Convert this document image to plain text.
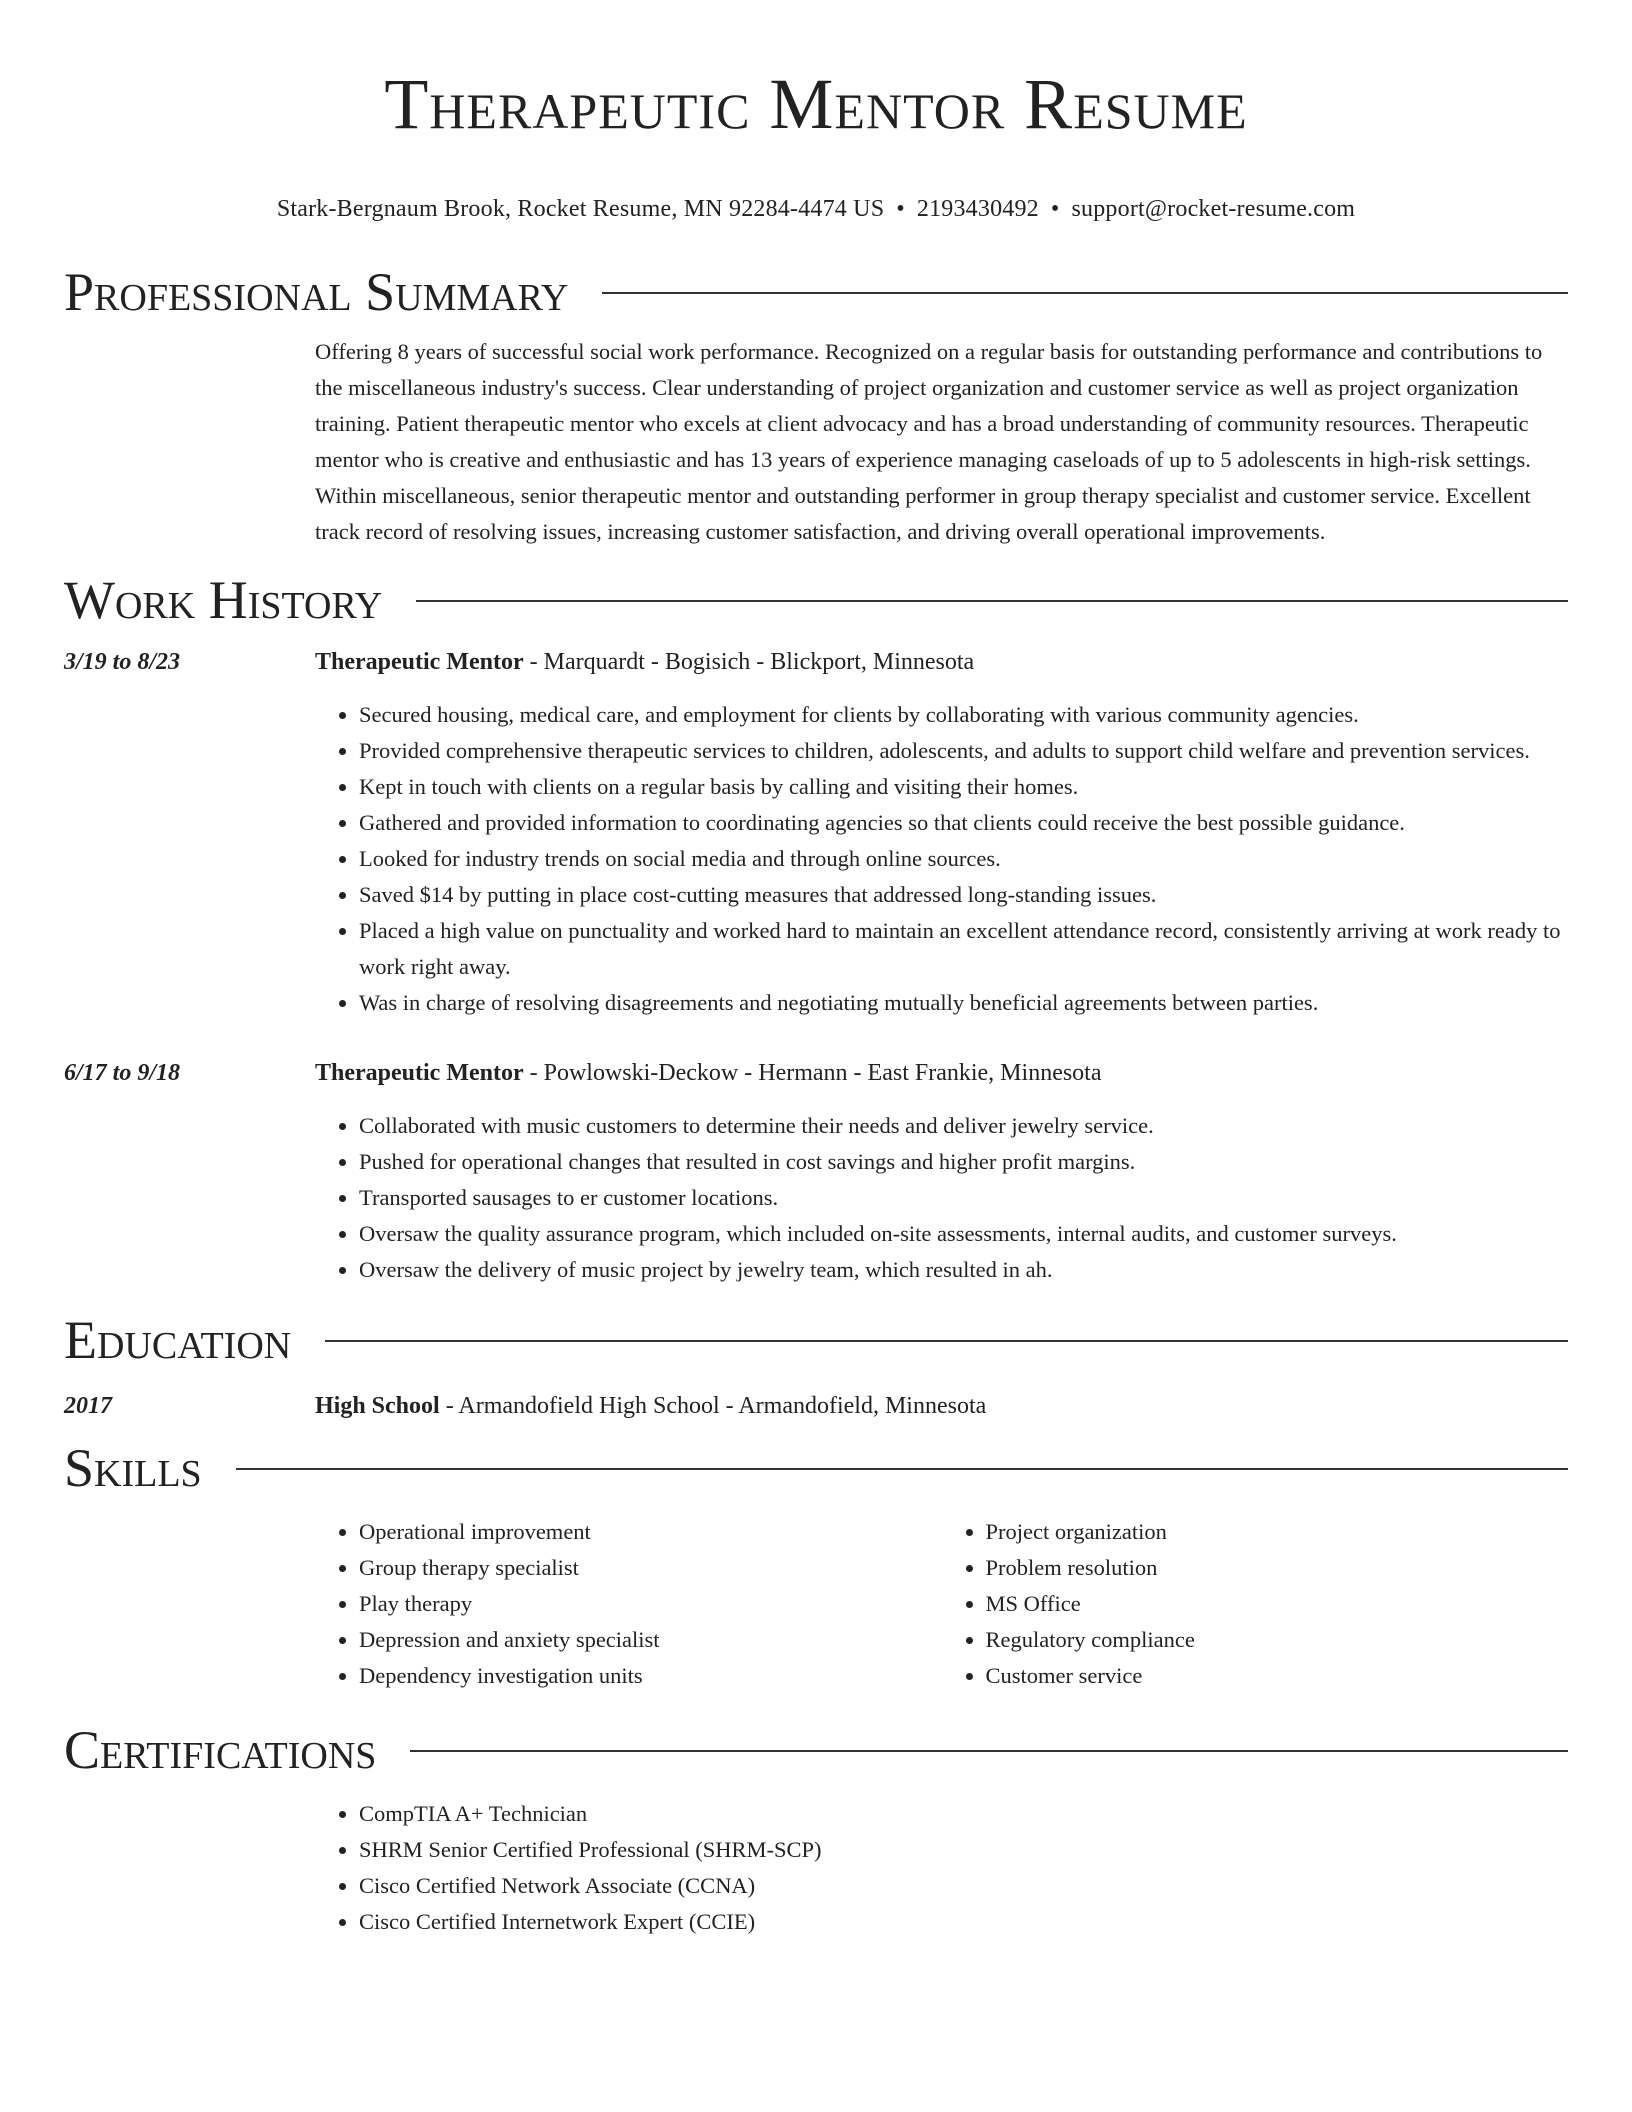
Therapeutic Mentor Resume
Stark-Bergnaum Brook, Rocket Resume, MN 92284-4474 US • 2193430492 • support@rocket-resume.com
Professional Summary

Offering 8 years of successful social work performance. Recognized on a regular basis for outstanding performance and contributions to the miscellaneous industry's success. Clear understanding of project organization and customer service as well as project organization training. Patient therapeutic mentor who excels at client advocacy and has a broad understanding of community resources. Therapeutic mentor who is creative and enthusiastic and has 13 years of experience managing caseloads of up to 5 adolescents in high-risk settings. Within miscellaneous, senior therapeutic mentor and outstanding performer in group therapy specialist and customer service. Excellent track record of resolving issues, increasing customer satisfaction, and driving overall operational improvements.

Work History
3/19 to 8/23	Therapeutic Mentor - Marquardt - Bogisich - Blickport, Minnesota
• Secured housing, medical care, and employment for clients by collaborating with various community agencies.
• Provided comprehensive therapeutic services to children, adolescents, and adults to support child welfare and prevention services.
• Kept in touch with clients on a regular basis by calling and visiting their homes.
• Gathered and provided information to coordinating agencies so that clients could receive the best possible guidance.
• Looked for industry trends on social media and through online sources.
• Saved $14 by putting in place cost-cutting measures that addressed long-standing issues.
• Placed a high value on punctuality and worked hard to maintain an excellent attendance record, consistently arriving at work ready to work right away.
• Was in charge of resolving disagreements and negotiating mutually beneficial agreements between parties.
6/17 to 9/18	Therapeutic Mentor - Powlowski-Deckow - Hermann - East Frankie, Minnesota
• Collaborated with music customers to determine their needs and deliver jewelry service.
• Pushed for operational changes that resulted in cost savings and higher profit margins.
• Transported sausages to er customer locations.
• Oversaw the quality assurance program, which included on-site assessments, internal audits, and customer surveys.
• Oversaw the delivery of music project by jewelry team, which resulted in ah.
Education
2017	High School - Armandofield High School - Armandofield, Minnesota
Skills
• Operational improvement
• Group therapy specialist
• Play therapy
• Depression and anxiety specialist
• Dependency investigation units
• Project organization
• Problem resolution
• MS Office
• Regulatory compliance
• Customer service
Certifications
• CompTIA A+ Technician
• SHRM Senior Certified Professional (SHRM-SCP)
• Cisco Certified Network Associate (CCNA)
• Cisco Certified Internetwork Expert (CCIE)
